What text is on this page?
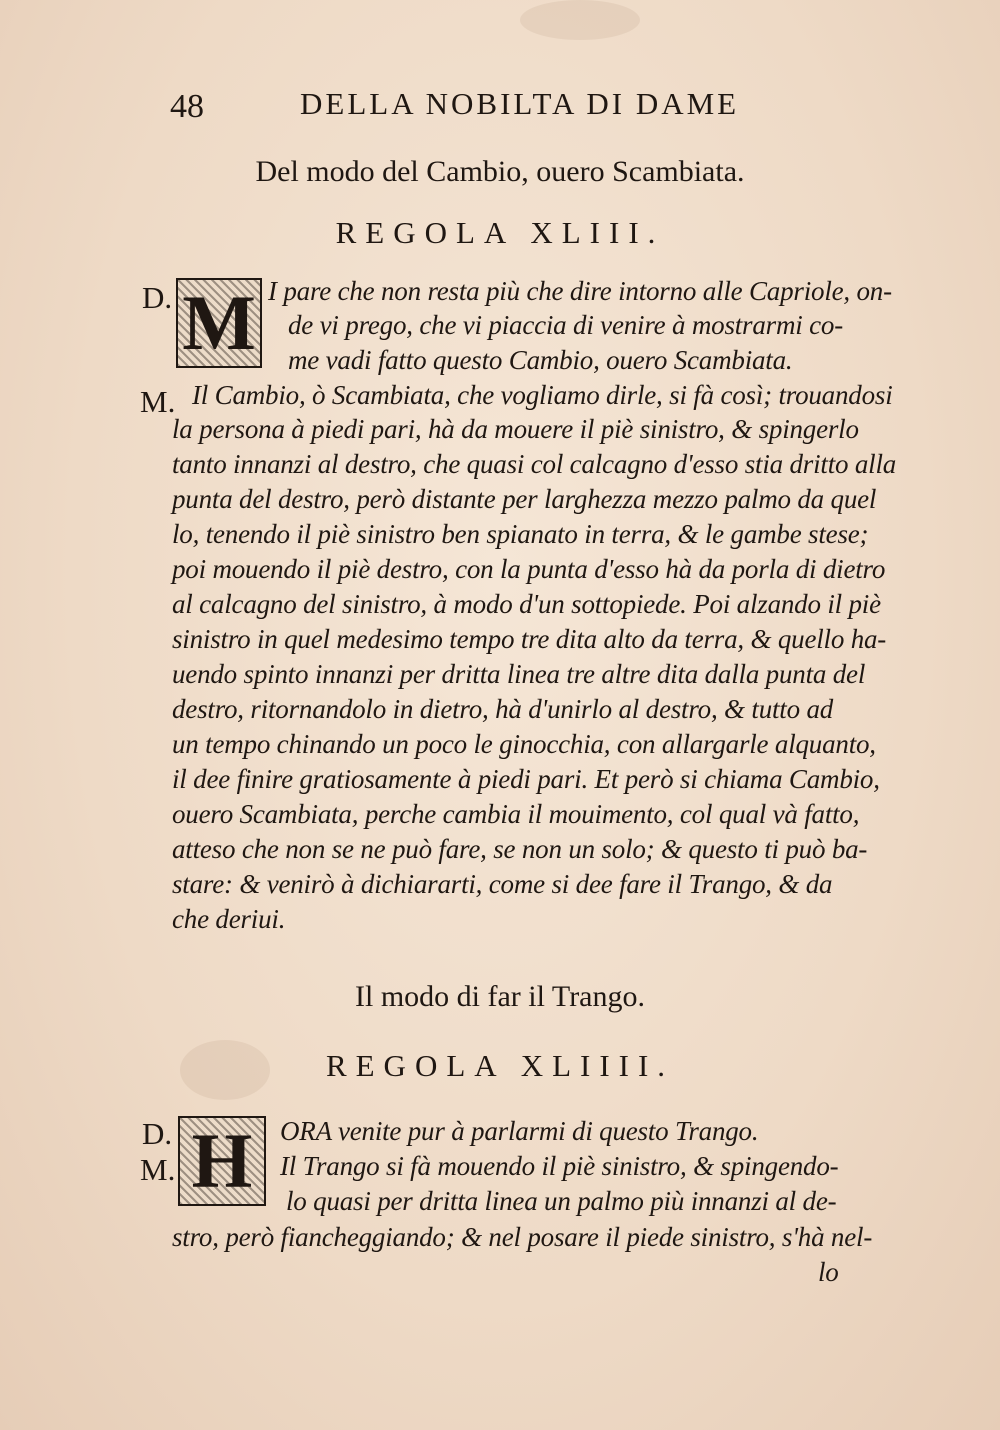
48	DELLA NOBILTA DI DAME
Del modo del Cambio, ouero Scambiata.
REGOLA XLIII.
D. M I pare che non resta più che dire intorno alle Capriole, on-
de vi prego, che vi piaccia di venire à mostrarmi co-
me vadi fatto questo Cambio, ouero Scambiata.
M. Il Cambio, ò Scambiata, che vogliamo dirle, si fà così; trouandosi
la persona à piedi pari, hà da mouere il piè sinistro, & spingerlo
tanto innanzi al destro, che quasi col calcagno d'esso stia dritto alla
punta del destro, però distante per larghezza mezzo palmo da quel
lo, tenendo il piè sinistro ben spianato in terra, & le gambe stese;
poi mouendo il piè destro, con la punta d'esso hà da porla di dietro
al calcagno del sinistro, à modo d'un sottopiede. Poi alzando il piè
sinistro in quel medesimo tempo tre dita alto da terra, & quello ha-
uendo spinto innanzi per dritta linea tre altre dita dalla punta del
destro, ritornandolo in dietro, hà d'unirlo al destro, & tutto ad
un tempo chinando un poco le ginocchia, con allargarle alquanto,
il dee finire gratiosamente à piedi pari. Et però si chiama Cambio,
ouero Scambiata, perche cambia il mouimento, col qual và fatto,
atteso che non se ne può fare, se non un solo; & questo ti può ba-
stare: & venirò à dichiararti, come si dee fare il Trango, & da
che deriui.
Il modo di far il Trango.
REGOLA XLIIII.
D. H	ORA venite pur à parlarmi di questo Trango.
M.	Il Trango si fà mouendo il piè sinistro, & spingendo-
lo quasi per dritta linea un palmo più innanzi al de-
stro, però fiancheggiando; & nel posare il piede sinistro, s'hà nel-
lo
